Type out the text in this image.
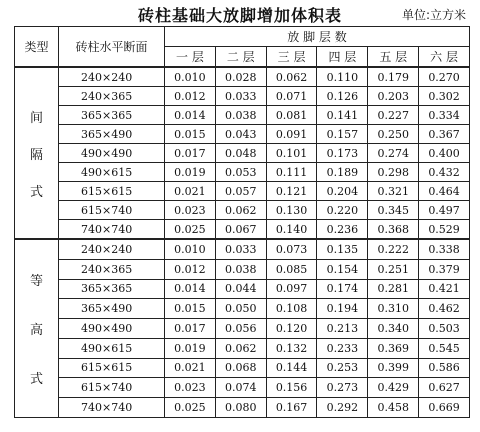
砖柱基础大放脚增加体积表	单位:立方米
类型	砖柱水平断面	放 脚 层 数					
		一 层	二 层	三 层	四 层	五 层	六 层

间
隔
式	240×240	0.010	0.028	0.062	0.110	0.179	0.270
	240×365	0.012	0.033	0.071	0.126	0.203	0.302
	365×365	0.014	0.038	0.081	0.141	0.227	0.334
	365×490	0.015	0.043	0.091	0.157	0.250	0.367
	490×490	0.017	0.048	0.101	0.173	0.274	0.400
	490×615	0.019	0.053	0.111	0.189	0.298	0.432
	615×615	0.021	0.057	0.121	0.204	0.321	0.464
	615×740	0.023	0.062	0.130	0.220	0.345	0.497
	740×740	0.025	0.067	0.140	0.236	0.368	0.529

等
高
式	240×240	0.010	0.033	0.073	0.135	0.222	0.338
	240×365	0.012	0.038	0.085	0.154	0.251	0.379
	365×365	0.014	0.044	0.097	0.174	0.281	0.421
	365×490	0.015	0.050	0.108	0.194	0.310	0.462
	490×490	0.017	0.056	0.120	0.213	0.340	0.503
	490×615	0.019	0.062	0.132	0.233	0.369	0.545
	615×615	0.021	0.068	0.144	0.253	0.399	0.586
	615×740	0.023	0.074	0.156	0.273	0.429	0.627
	740×740	0.025	0.080	0.167	0.292	0.458	0.669
